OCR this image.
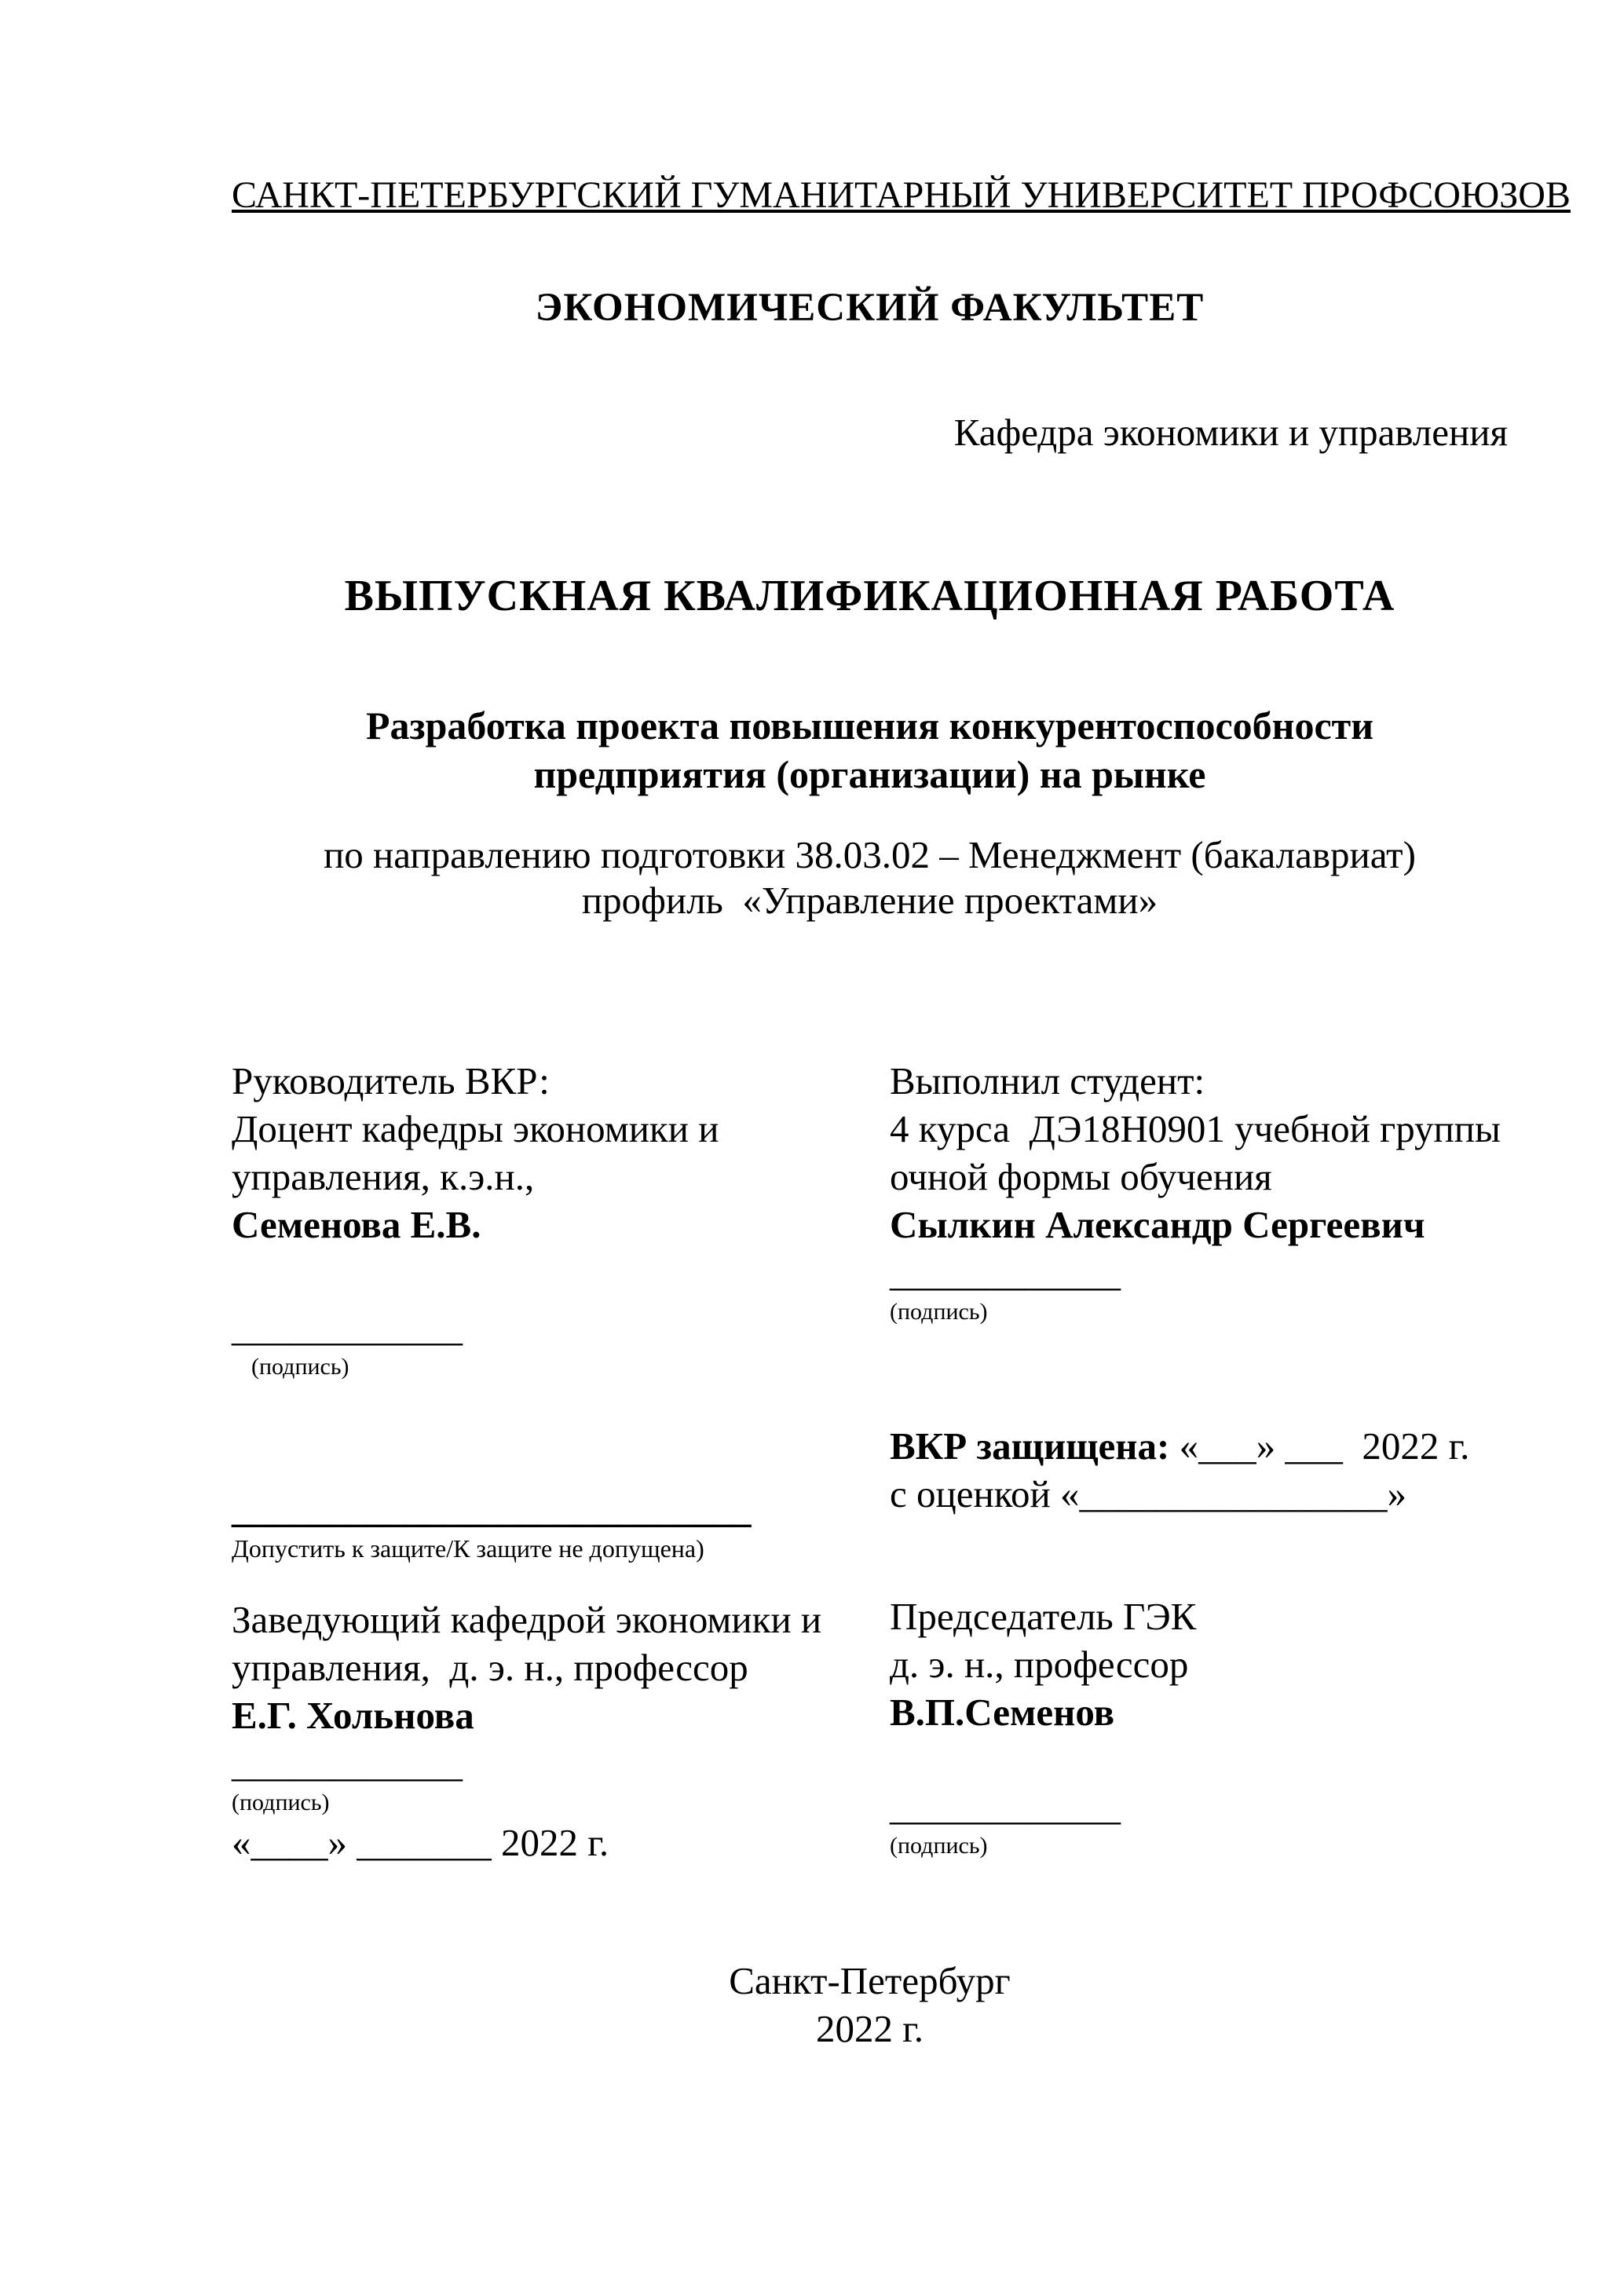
САНКТ-ПЕТЕРБУРГСКИЙ ГУМАНИТАРНЫЙ УНИВЕРСИТЕТ ПРОФСОЮЗОВ
ЭКОНОМИЧЕСКИЙ ФАКУЛЬТЕТ
Кафедра экономики и управления
ВЫПУСКНАЯ КВАЛИФИКАЦИОННАЯ РАБОТА
Разработка проекта повышения конкурентоспособности
предприятия (организации) на рынке
по направлению подготовки 38.03.02 – Менеджмент (бакалавриат)
профиль  «Управление проектами»
Руководитель ВКР:
Доцент кафедры экономики и
управления, к.э.н.,
Семенова Е.В.
____________
(подпись)
___________________________
Допустить к защите/К защите не допущена)
Заведующий кафедрой экономики и
управления,  д. э. н., профессор
Е.Г. Хольнова
____________
(подпись)
«____» _______ 2022 г.
Выполнил студент:
4 курса  ДЭ18Н0901 учебной группы
очной формы обучения
Сылкин Александр Сергеевич
____________
(подпись)
ВКР защищена: «___» ___  2022 г.
с оценкой «________________»
Председатель ГЭК
д. э. н., профессор
В.П.Семенов
____________
(подпись)
Санкт-Петербург
2022 г.
